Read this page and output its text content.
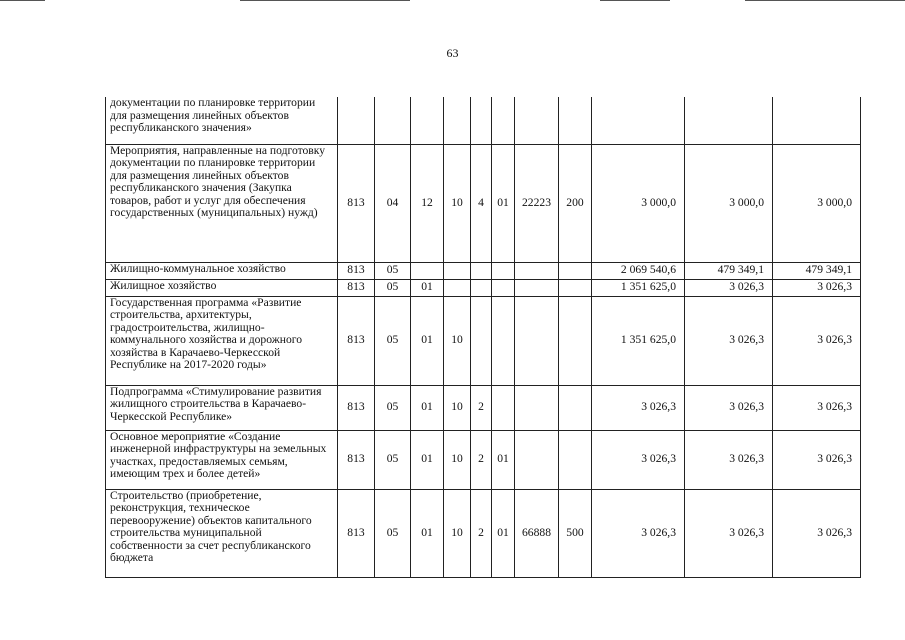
63
документации по планировке территории для размещения линейных объектов республиканского значения»											
Мероприятия, направленные на подготовку документации по планировке территории для размещения линейных объектов республиканского значения (Закупка товаров, работ и услуг для обеспечения государственных (муниципальных) нужд)	813	04	12	10	4	01	22223	200	3 000,0	3 000,0	3 000,0
Жилищно-коммунальное хозяйство	813	05							2 069 540,6	479 349,1	479 349,1
Жилищное хозяйство	813	05	01						1 351 625,0	3 026,3	3 026,3
Государственная программа «Развитие строительства, архитектуры, градостроительства, жилищно-коммунального хозяйства и дорожного хозяйства в Карачаево-Черкесской Республике на 2017-2020 годы»	813	05	01	10					1 351 625,0	3 026,3	3 026,3
Подпрограмма «Стимулирование развития жилищного строительства в Карачаево-Черкесской Республике»	813	05	01	10	2				3 026,3	3 026,3	3 026,3
Основное мероприятие «Создание инженерной инфраструктуры на земельных участках, предоставляемых семьям, имеющим трех и более детей»	813	05	01	10	2	01			3 026,3	3 026,3	3 026,3
Строительство (приобретение, реконструкция, техническое перевооружение) объектов капитального строительства муниципальной собственности за счет республиканского бюджета	813	05	01	10	2	01	66888	500	3 026,3	3 026,3	3 026,3
